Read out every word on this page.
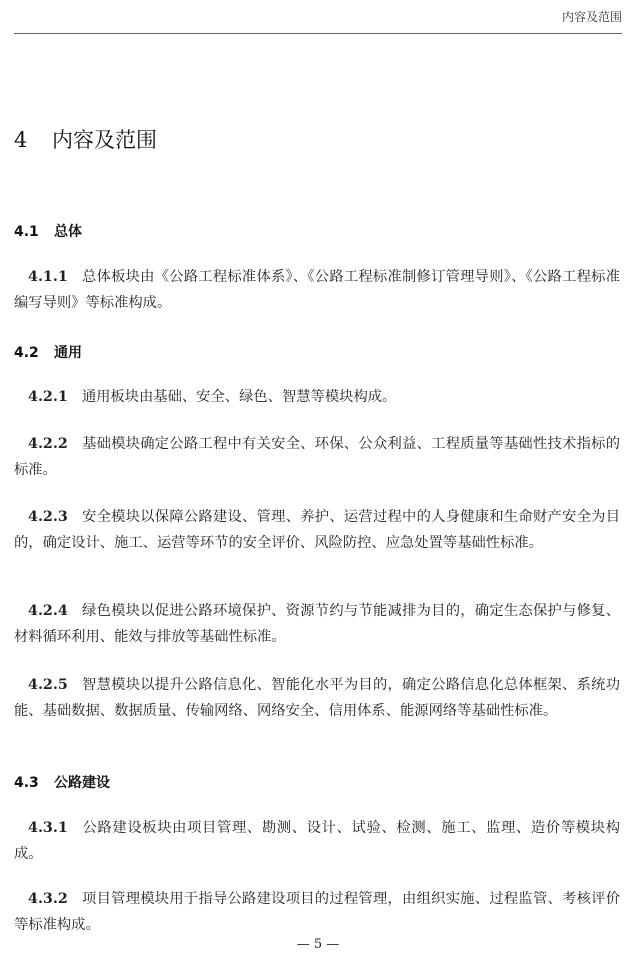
内容及范围
4 内容及范围
4.1 总体

4.1.1 总体板块由《公路工程标准体系》、《公路工程标准制修订管理导则》、《公路工程标准编写导则》等标准构成。

4.2 通用

4.2.1 通用板块由基础、安全、绿色、智慧等模块构成。

4.2.2 基础模块确定公路工程中有关安全、环保、公众利益、工程质量等基础性技术指标的标准。

4.2.3 安全模块以保障公路建设、管理、养护、运营过程中的人身健康和生命财产安全为目的，确定设计、施工、运营等环节的安全评价、风险防控、应急处置等基础性标准。

4.2.4 绿色模块以促进公路环境保护、资源节约与节能减排为目的，确定生态保护与修复、材料循环利用、能效与排放等基础性标准。

4.2.5 智慧模块以提升公路信息化、智能化水平为目的，确定公路信息化总体框架、系统功能、基础数据、数据质量、传输网络、网络安全、信用体系、能源网络等基础性标准。

4.3 公路建设

4.3.1 公路建设板块由项目管理、勘测、设计、试验、检测、施工、监理、造价等模块构成。

4.3.2 项目管理模块用于指导公路建设项目的过程管理，由组织实施、过程监管、考核评价等标准构成。

— 5 —
